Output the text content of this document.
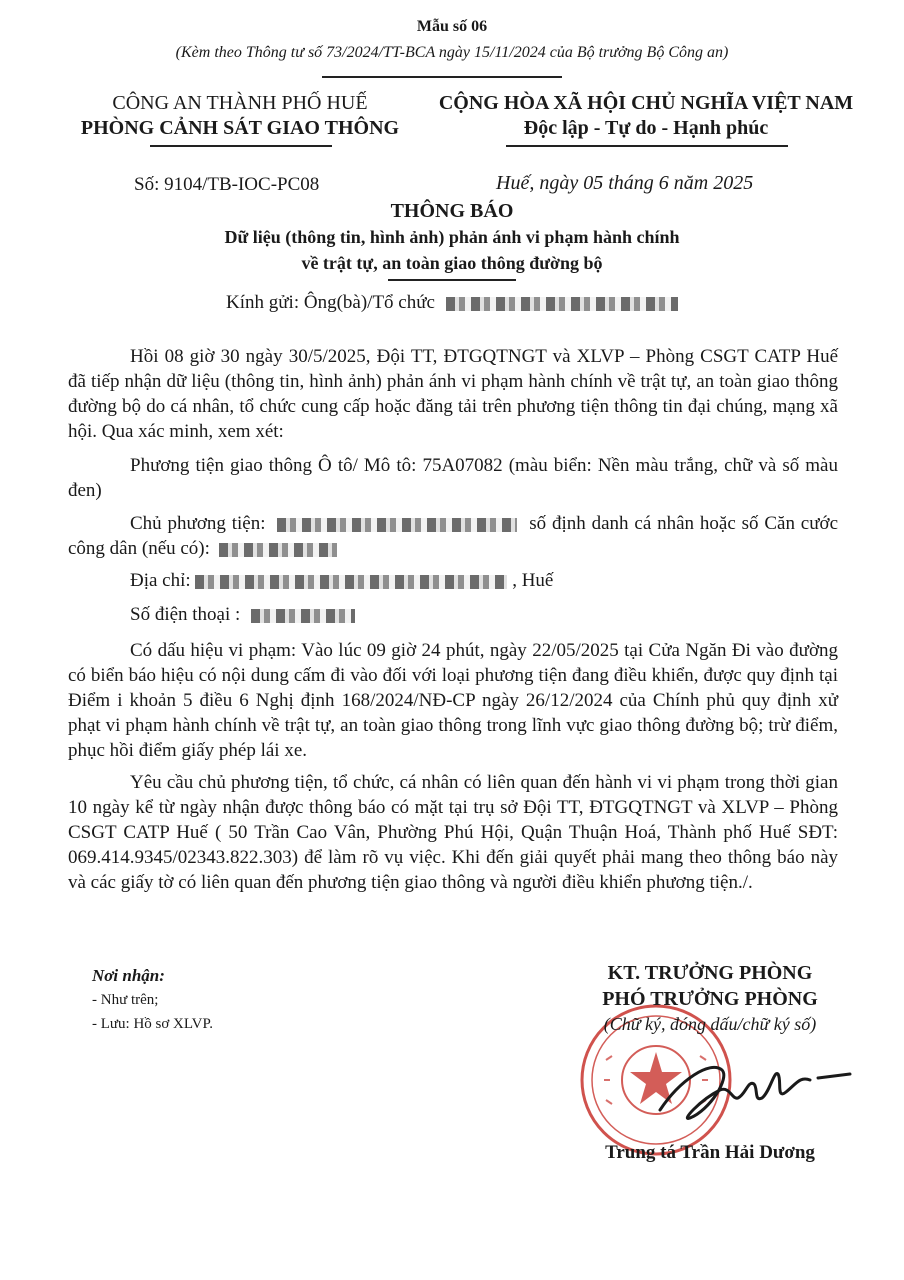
Mẫu số 06
(Kèm theo Thông tư số 73/2024/TT-BCA ngày 15/11/2024 của Bộ trưởng Bộ Công an)
CÔNG AN THÀNH PHỐ HUẾ
PHÒNG CẢNH SÁT GIAO THÔNG
CỘNG HÒA XÃ HỘI CHỦ NGHĨA VIỆT NAM
Độc lập - Tự do - Hạnh phúc
Số: 9104/TB-IOC-PC08	Huế, ngày 05 tháng 6 năm 2025
THÔNG BÁO
Dữ liệu (thông tin, hình ảnh) phản ánh vi phạm hành chính
về trật tự, an toàn giao thông đường bộ
Kính gửi: Ông(bà)/Tổ chức
Hồi 08 giờ 30 ngày 30/5/2025, Đội TT, ĐTGQTNGT và XLVP – Phòng CSGT CATP Huế đã tiếp nhận dữ liệu (thông tin, hình ảnh) phản ánh vi phạm hành chính về trật tự, an toàn giao thông đường bộ do cá nhân, tổ chức cung cấp hoặc đăng tải trên phương tiện thông tin đại chúng, mạng xã hội. Qua xác minh, xem xét:
Phương tiện giao thông Ô tô/ Mô tô: 75A07082 (màu biển: Nền màu trắng, chữ và số màu đen)
Chủ phương tiện:	số định danh cá nhân hoặc số Căn cước công dân (nếu có):
Địa chỉ:	, Huế
Số điện thoại :
Có dấu hiệu vi phạm: Vào lúc 09 giờ 24 phút, ngày 22/05/2025 tại Cửa Ngăn Đi vào đường có biển báo hiệu có nội dung cấm đi vào đối với loại phương tiện đang điều khiển, được quy định tại Điểm i khoản 5 điều 6 Nghị định 168/2024/NĐ-CP ngày 26/12/2024 của Chính phủ quy định xử phạt vi phạm hành chính về trật tự, an toàn giao thông trong lĩnh vực giao thông đường bộ; trừ điểm, phục hồi điểm giấy phép lái xe.
Yêu cầu chủ phương tiện, tổ chức, cá nhân có liên quan đến hành vi vi phạm trong thời gian 10 ngày kể từ ngày nhận được thông báo có mặt tại trụ sở Đội TT, ĐTGQTNGT và XLVP – Phòng CSGT CATP Huế ( 50 Trần Cao Vân, Phường Phú Hội, Quận Thuận Hoá, Thành phố Huế SĐT: 069.414.9345/02343.822.303) để làm rõ vụ việc. Khi đến giải quyết phải mang theo thông báo này và các giấy tờ có liên quan đến phương tiện giao thông và người điều khiển phương tiện./.
Nơi nhận:
- Như trên;
- Lưu: Hồ sơ XLVP.
KT. TRƯỞNG PHÒNG
PHÓ TRƯỞNG PHÒNG
(Chữ ký, đóng dấu/chữ ký số)
Trung tá Trần Hải Dương
